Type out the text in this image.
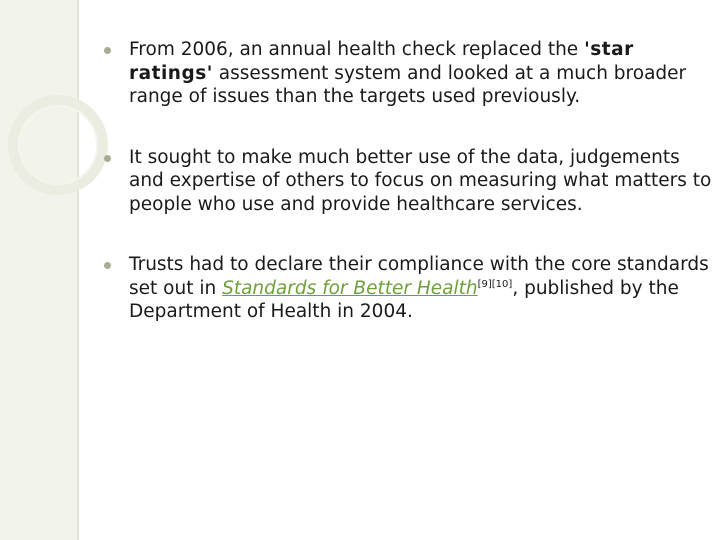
From 2006, an annual health check replaced the 'star ratings' assessment system and looked at a much broader range of issues than the targets used previously.
It sought to make much better use of the data, judgements and expertise of others to focus on measuring what matters to people who use and provide healthcare services.
Trusts had to declare their compliance with the core standards set out in Standards for Better Health[9][10], published by the Department of Health in 2004.
